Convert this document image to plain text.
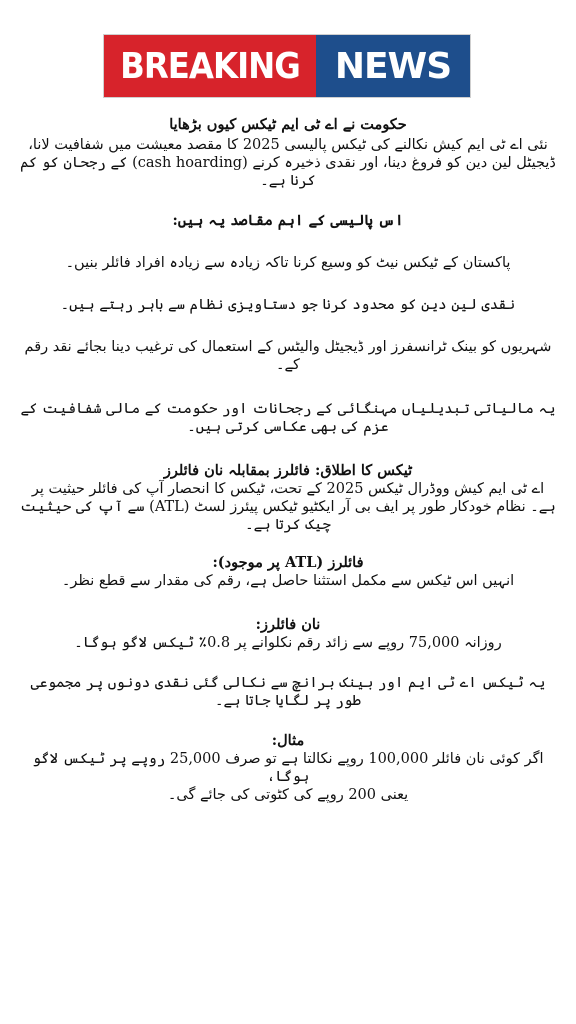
BREAKING NEWS

حکومت نے اے ٹی ایم ٹیکس کیوں بڑھایا

نئی اے ٹی ایم کیش نکالنے کی ٹیکس پالیسی 2025 کا مقصد معیشت میں شفافیت لانا، ڈیجیٹل لین دین کو فروغ دینا، اور نقدی ذخیرہ کرنے (cash hoarding) کے رجحان کو کم کرنا ہے۔

اس پالیسی کے اہم مقاصد یہ ہیں:

پاکستان کے ٹیکس نیٹ کو وسیع کرنا تاکہ زیادہ سے زیادہ افراد فائلر بنیں۔

نقدی لین دین کو محدود کرنا جو دستاویزی نظام سے باہر رہتے ہیں۔

شہریوں کو بینک ٹرانسفرز اور ڈیجیٹل والیٹس کے استعمال کی ترغیب دینا بجائے نقد رقم کے۔

یہ مالیاتی تبدیلیاں مہنگائی کے رجحانات اور حکومت کے مالی شفافیت کے عزم کی بھی عکاسی کرتی ہیں۔

ٹیکس کا اطلاق: فائلرز بمقابلہ نان فائلرز

اے ٹی ایم کیش ووڈرال ٹیکس 2025 کے تحت، ٹیکس کا انحصار آپ کی فائلر حیثیت پر ہے۔ نظام خودکار طور پر ایف بی آر ایکٹیو ٹیکس پیئرز لسٹ (ATL) سے آپ کی حیثیت چیک کرتا ہے۔

فائلرز (ATL پر موجود):

انہیں اس ٹیکس سے مکمل استثنا حاصل ہے، رقم کی مقدار سے قطع نظر۔

نان فائلرز:

روزانہ 75,000 روپے سے زائد رقم نکلوانے پر 0.8٪ ٹیکس لاگو ہوگا۔

یہ ٹیکس اے ٹی ایم اور بینک برانچ سے نکالی گئی نقدی دونوں پر مجموعی طور پر لگایا جاتا ہے۔

مثال:

اگر کوئی نان فائلر 100,000 روپے نکالتا ہے تو صرف 25,000 روپے پر ٹیکس لاگو ہوگا،

یعنی 200 روپے کی کٹوتی کی جائے گی۔
